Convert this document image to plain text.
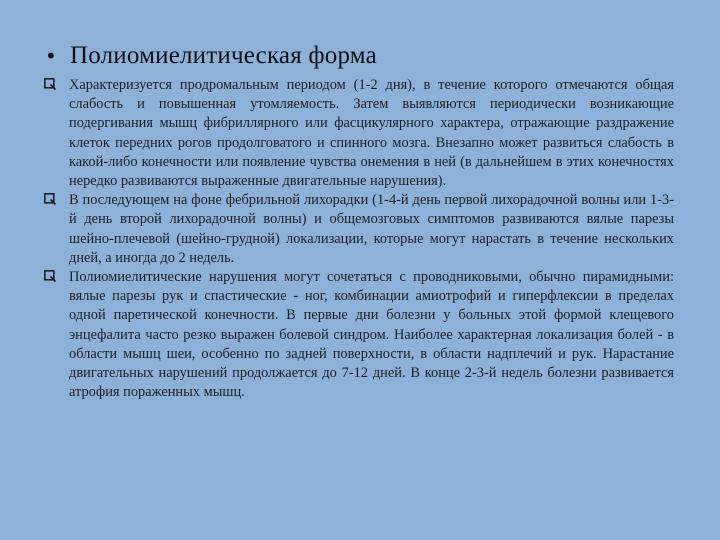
• Полиомиелитическая форма
Характеризуется продромальным периодом (1-2 дня), в течение которого отмечаются общая слабость и повышенная утомляемость. Затем выявляются периодически возникающие подергивания мышц фибриллярного или фасцикулярного характера, отражающие раздражение клеток передних рогов продолговатого и спинного мозга. Внезапно может развиться слабость в какой-либо конечности или появление чувства онемения в ней (в дальнейшем в этих конечностях нередко развиваются выраженные двигательные нарушения).
В последующем на фоне фебрильной лихорадки (1-4-й день первой лихорадочной волны или 1-3-й день второй лихорадочной волны) и общемозговых симптомов развиваются вялые парезы шейно-плечевой (шейно-грудной) локализации, которые могут нарастать в течение нескольких дней, а иногда до 2 недель.
Полиомиелитические нарушения могут сочетаться с проводниковыми, обычно пирамидными: вялые парезы рук и спастические - ног, комбинации амиотрофий и гиперфлексии в пределах одной паретической конечности. В первые дни болезни у больных этой формой клещевого энцефалита часто резко выражен болевой синдром. Наиболее характерная локализация болей - в области мышц шеи, особенно по задней поверхности, в области надплечий и рук. Нарастание двигательных нарушений продолжается до 7-12 дней. В конце 2-3-й недель болезни развивается атрофия пораженных мышц.
